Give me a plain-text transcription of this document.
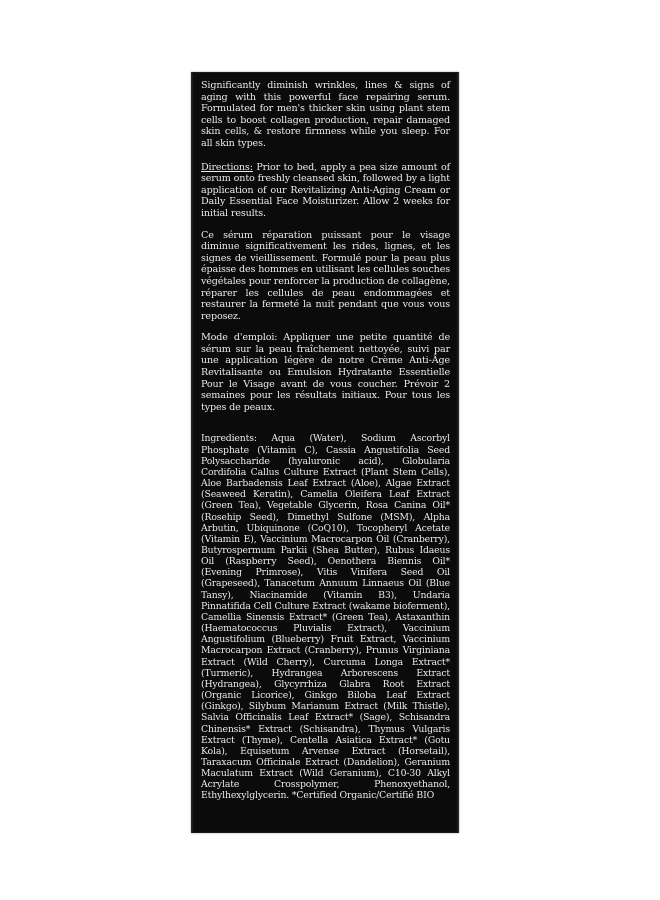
Significantly diminish wrinkles, lines & signs of aging with this powerful face repairing serum. Formulated for men's thicker skin using plant stem cells to boost collagen production, repair damaged skin cells, & restore firmness while you sleep. For all skin types.

Directions: Prior to bed, apply a pea size amount of serum onto freshly cleansed skin, followed by a light application of our Revitalizing Anti-Aging Cream or Daily Essential Face Moisturizer. Allow 2 weeks for initial results.

Ce sérum réparation puissant pour le visage diminue significativement les rides, lignes, et les signes de vieillissement. Formulé pour la peau plus épaisse des hommes en utilisant les cellules souches végétales pour renforcer la production de collagène, réparer les cellules de peau endommagées et restaurer la fermeté la nuit pendant que vous vous reposez.

Mode d'emploi: Appliquer une petite quantité de sérum sur la peau fraîchement nettoyée, suivi par une application légère de notre Crème Anti-Âge Revitalisante ou Emulsion Hydratante Essentielle Pour le Visage avant de vous coucher. Prévoir 2 semaines pour les résultats initiaux. Pour tous les types de peaux.

Ingredients: Aqua (Water), Sodium Ascorbyl Phosphate (Vitamin C), Cassia Angustifolia Seed Polysaccharide (hyaluronic acid), Globularia Cordifolia Callus Culture Extract (Plant Stem Cells), Aloe Barbadensis Leaf Extract (Aloe), Algae Extract (Seaweed Keratin), Camelia Oleifera Leaf Extract (Green Tea), Vegetable Glycerin, Rosa Canina Oil* (Rosehip Seed), Dimethyl Sulfone (MSM), Alpha Arbutin, Ubiquinone (CoQ10), Tocopheryl Acetate (Vitamin E), Vaccinium Macrocarpon Oil (Cranberry), Butyrospermum Parkii (Shea Butter), Rubus Idaeus Oil (Raspberry Seed), Oenothera Biennis Oil* (Evening Primrose), Vitis Vinifera Seed Oil (Grapeseed), Tanacetum Annuum Linnaeus Oil (Blue Tansy), Niacinamide (Vitamin B3), Undaria Pinnatifida Cell Culture Extract (wakame bioferment), Camellia Sinensis Extract* (Green Tea), Astaxanthin (Haematococcus Pluvialis Extract), Vaccinium Angustifolium (Blueberry) Fruit Extract, Vaccinium Macrocarpon Extract (Cranberry), Prunus Virginiana Extract (Wild Cherry), Curcuma Longa Extract* (Turmeric), Hydrangea Arborescens Extract (Hydrangea), Glycyrrhiza Glabra Root Extract (Organic Licorice), Ginkgo Biloba Leaf Extract (Ginkgo), Silybum Marianum Extract (Milk Thistle), Salvia Officinalis Leaf Extract* (Sage), Schisandra Chinensis* Extract (Schisandra), Thymus Vulgaris Extract (Thyme), Centella Asiatica Extract* (Gotu Kola), Equisetum Arvense Extract (Horsetail), Taraxacum Officinale Extract (Dandelion), Geranium Maculatum Extract (Wild Geranium), C10-30 Alkyl Acrylate Crosspolymer, Phenoxyethanol, Ethylhexylglycerin. *Certified Organic/Certifié BIO
